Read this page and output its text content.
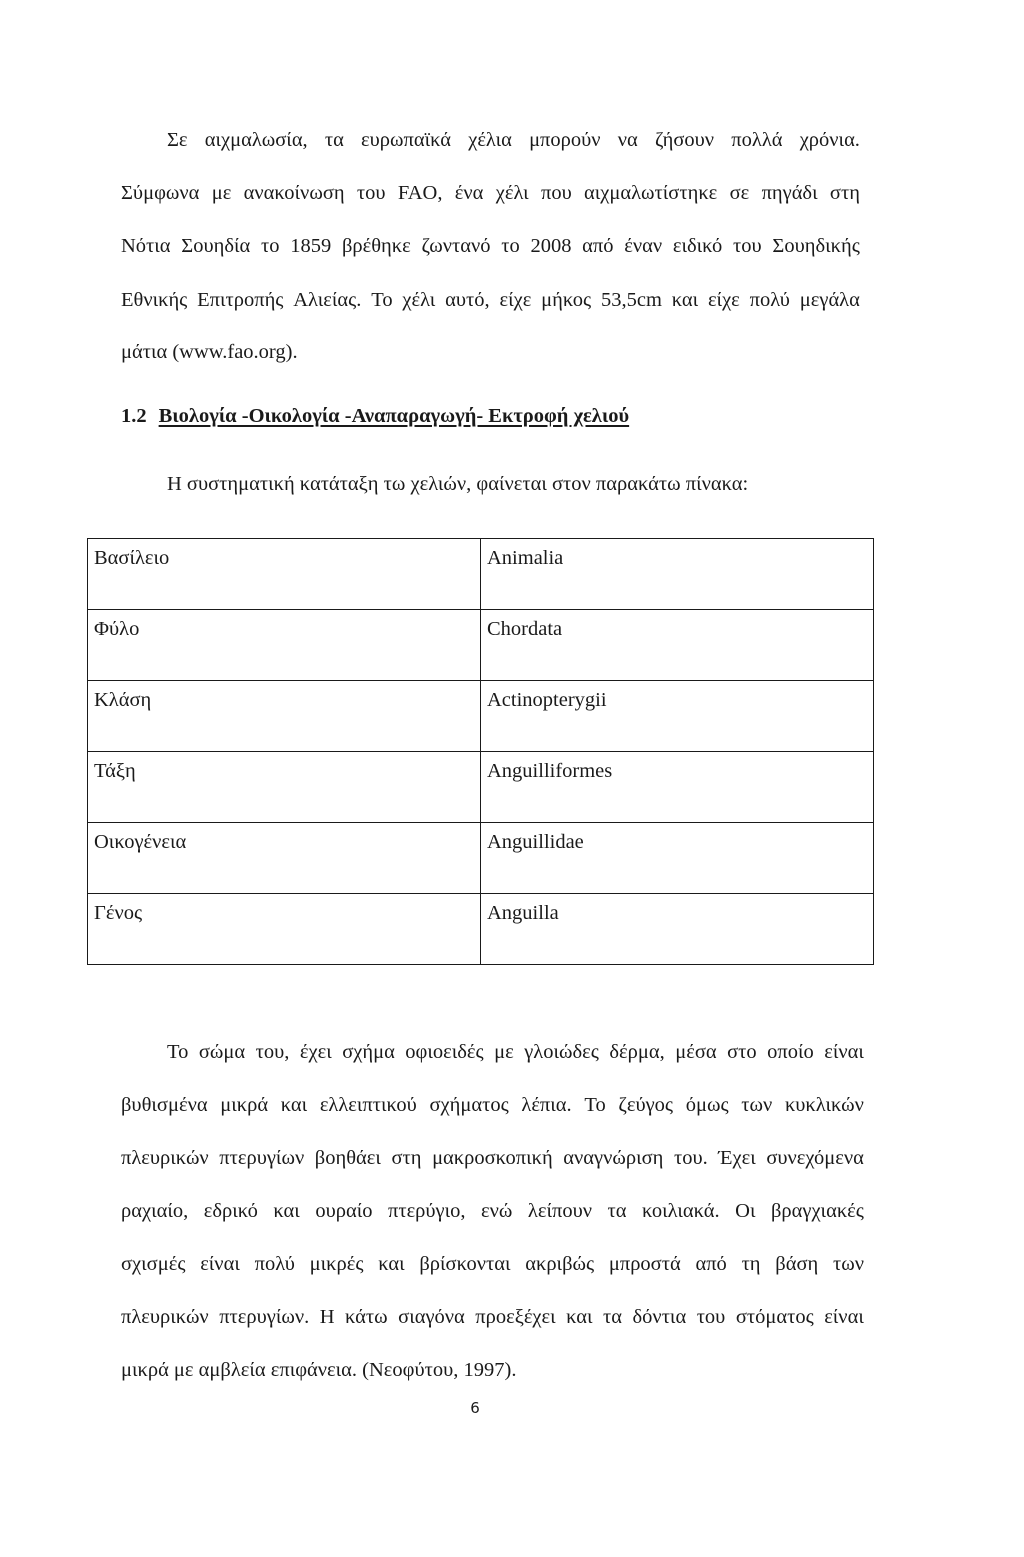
Σε αιχμαλωσία, τα ευρωπαϊκά χέλια μπορούν να ζήσουν πολλά χρόνια.
Σύμφωνα με ανακοίνωση του FAO, ένα χέλι που αιχμαλωτίστηκε σε πηγάδι στη
Νότια Σουηδία το 1859 βρέθηκε ζωντανό το 2008 από έναν ειδικό του Σουηδικής
Εθνικής Επιτροπής Αλιείας. Το χέλι αυτό, είχε μήκος 53,5cm και είχε πολύ μεγάλα
μάτια (www.fao.org).
1.2 Βιολογία -Οικολογία -Αναπαραγωγή- Εκτροφή χελιού
Η συστηματική κατάταξη τω χελιών, φαίνεται στον παρακάτω πίνακα:
Βασίλειο	Animalia

Φύλο	Chordata

Κλάση	Actinopterygii

Τάξη	Anguilliformes

Οικογένεια	Anguillidae

Γένος	Anguilla
Το σώμα του, έχει σχήμα οφιοειδές με γλοιώδες δέρμα, μέσα στο οποίο είναι
βυθισμένα μικρά και ελλειπτικού σχήματος λέπια. Το ζεύγος όμως των κυκλικών
πλευρικών πτερυγίων βοηθάει στη μακροσκοπική αναγνώριση του. Έχει συνεχόμενα
ραχιαίο, εδρικό και ουραίο πτερύγιο, ενώ λείπουν τα κοιλιακά. Οι βραγχιακές
σχισμές είναι πολύ μικρές και βρίσκονται ακριβώς μπροστά από τη βάση των
πλευρικών πτερυγίων. Η κάτω σιαγόνα προεξέχει και τα δόντια του στόματος είναι
μικρά με αμβλεία επιφάνεια. (Νεοφύτου, 1997).
6
